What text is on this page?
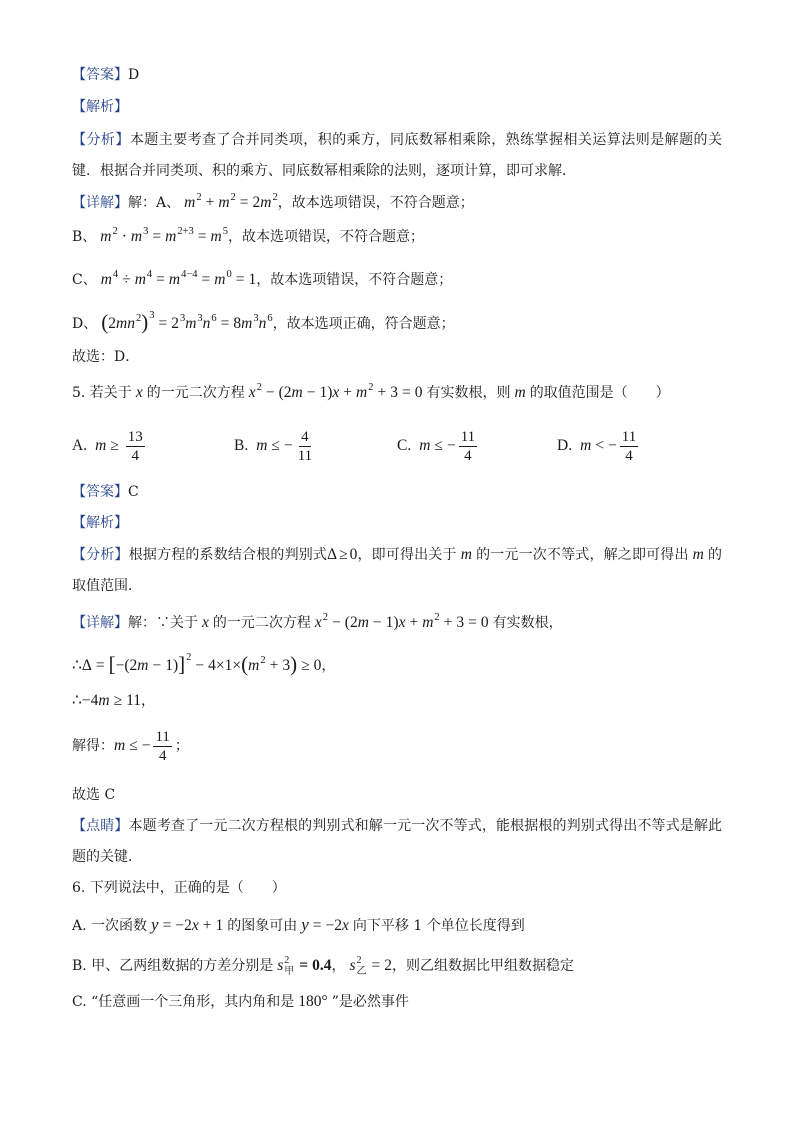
【答案】D
【解析】
【分析】本题主要考查了合并同类项，积的乘方，同底数幂相乘除，熟练掌握相关运算法则是解题的关
键．根据合并同类项、积的乘方、同底数幂相乘除的法则，逐项计算，即可求解．
【详解】解：A、 $m^2 + m^2 = 2m^2$，故本选项错误，不符合题意；
B、 $m^2 \cdot m^3 = m^{2+3} = m^5$，故本选项错误，不符合题意；
C、 $m^4 \div m^4 = m^{4-4} = m^0 = 1$，故本选项错误，不符合题意；
D、 $(2mn^2)^3 = 2^3m^3n^6 = 8m^3n^6$，故本选项正确，符合题意；
故选：D．
5. 若关于 x 的一元二次方程 $x^2 - (2m - 1)x + m^2 + 3 = 0$ 有实数根，则 m 的取值范围是（　　）
A. $m \ge \frac{13}{4}$	B. m ≤ − $\frac{4}{11}$	C. m ≤ − $\frac{11}{4}$	D. m < − $\frac{11}{4}$
【答案】C
【解析】
【分析】根据方程的系数结合根的判别式Δ ≥ 0，即可得出关于 m 的一元一次不等式，解之即可得出 m 的
取值范围．
【详解】解：∵关于 x 的一元二次方程 $x^2 - (2m - 1)x + m^2 + 3 = 0$ 有实数根，
∴Δ = $[-(2m - 1)]^2 - 4\times 1\times(m^2 + 3) \ge 0$，
∴−4m ≥ 11，
解得：m ≤ − $\frac{11}{4}$ ；
故选 C
【点睛】本题考查了一元二次方程根的判别式和解一元一次不等式，能根据根的判别式得出不等式是解此
题的关键．
6. 下列说法中，正确的是（　　）
A. 一次函数 y = −2x + 1 的图象可由 y = −2x 向下平移 1 个单位长度得到
B. 甲、乙两组数据的方差分别是 s 2
甲 = 0.4， s 2
乙 = 2，则乙组数据比甲组数据稳定
C. “任意画一个三角形，其内角和是 180° ”是必然事件
